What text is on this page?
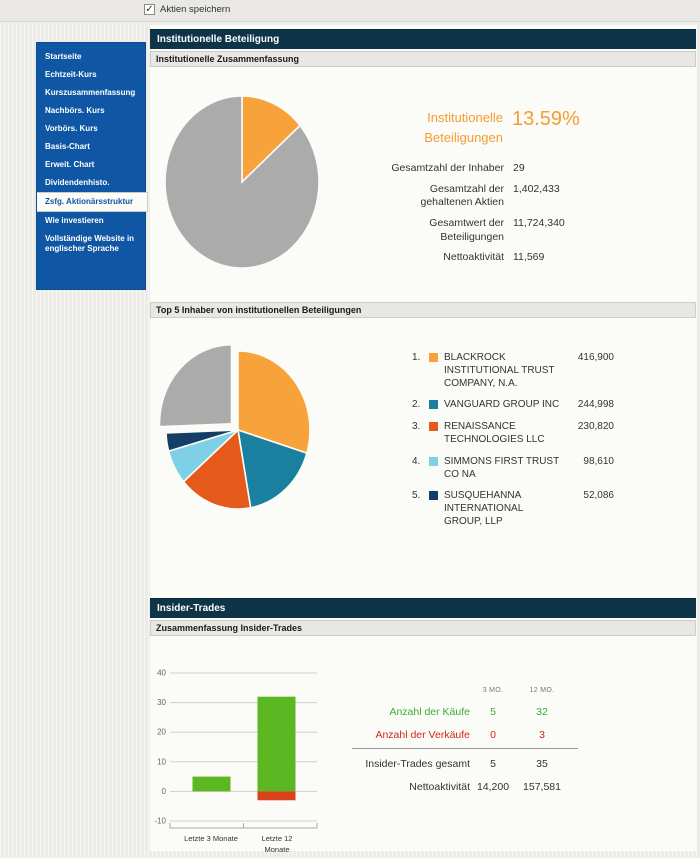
✓ Aktien speichern
Startseite
Echtzeit-Kurs
Kurszusammenfassung
Nachbörs. Kurs
Vorbörs. Kurs
Basis-Chart
Erweit. Chart
Dividendenhisto.
Zsfg. Aktionärsstruktur
Wie investieren
Vollständige Website in englischer Sprache
Institutionelle Beteiligung
Institutionelle Zusammenfassung
Institutionelle
Beteiligungen
13.59%
Gesamtzahl der Inhaber 29
Gesamtzahl der gehaltenen Aktien
1,402,433
Gesamtwert der Beteiligungen
11,724,340
Nettoaktivität 11,569
Top 5 Inhaber von institutionellen Beteiligungen
1.	BLACKROCK INSTITUTIONAL TRUST COMPANY, N.A.
416,900
2.	VANGUARD GROUP INC	244,998
3.	RENAISSANCE TECHNOLOGIES LLC
230,820
4.	SIMMONS FIRST TRUST CO NA
98,610
5.	SUSQUEHANNA INTERNATIONAL GROUP, LLP
52,086
Insider-Trades
Zusammenfassung Insider-Trades
-10
0
10
20
30
40
Letzte 3 Monate	Letzte 12 Monate
3 MO.	12 MO.
Anzahl der Käufe	5	32
Anzahl der Verkäufe	0	3
Insider-Trades gesamt	5	35
Nettoaktivität 14,200	157,581
